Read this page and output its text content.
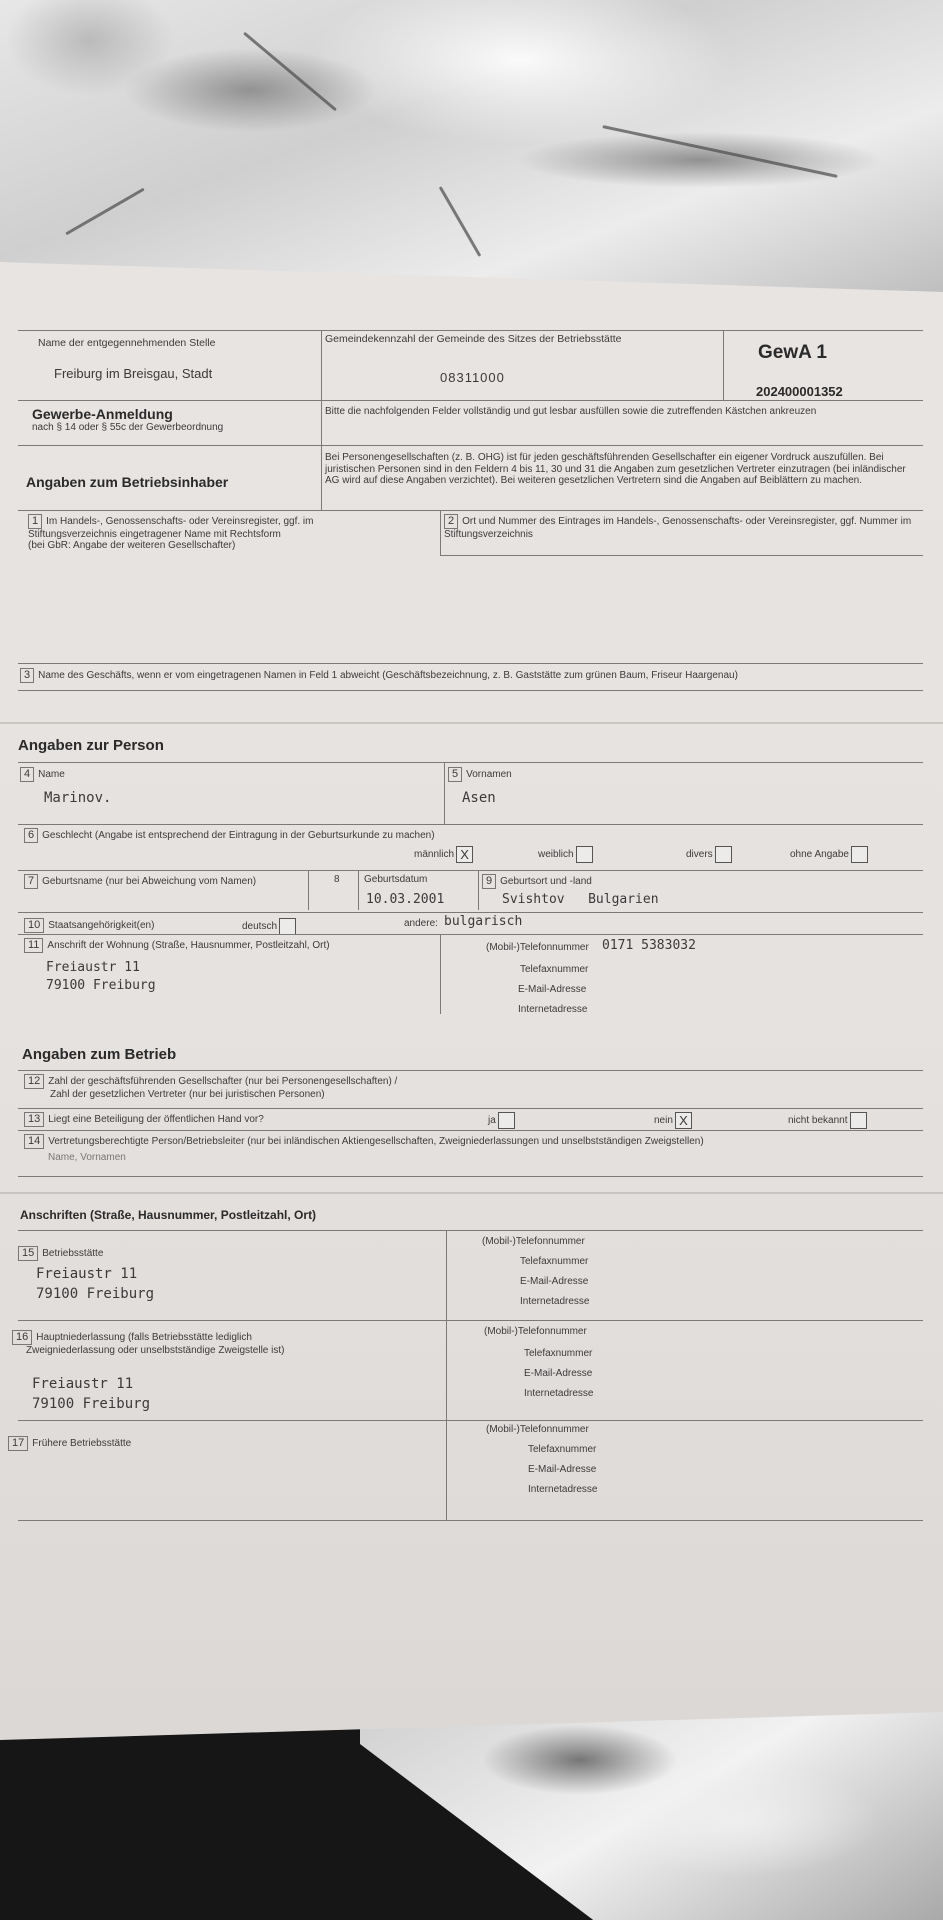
Name der entgegennehmenden Stelle
Freiburg im Breisgau, Stadt
Gemeindekennzahl der Gemeinde des Sitzes der Betriebsstätte
08311000
GewA 1
202400001352
Gewerbe-Anmeldung
nach § 14 oder § 55c der Gewerbeordnung
Bitte die nachfolgenden Felder vollständig und gut lesbar ausfüllen sowie die zutreffenden Kästchen ankreuzen
Angaben zum Betriebsinhaber
Bei Personengesellschaften (z. B. OHG) ist für jeden geschäftsführenden Gesellschafter ein eigener Vordruck auszufüllen. Bei juristischen Personen sind in den Feldern 4 bis 11, 30 und 31 die Angaben zum gesetzlichen Vertreter einzutragen (bei inländischer AG wird auf diese Angaben verzichtet). Bei weiteren gesetzlichen Vertretern sind die Angaben auf Beiblättern zu machen.
1 Im Handels-, Genossenschafts- oder Vereinsregister, ggf. im Stiftungsverzeichnis eingetragener Name mit Rechtsform
(bei GbR: Angabe der weiteren Gesellschafter)
2 Ort und Nummer des Eintrages im Handels-, Genossenschafts- oder Vereinsregister, ggf. Nummer im Stiftungsverzeichnis
3 Name des Geschäfts, wenn er vom eingetragenen Namen in Feld 1 abweicht (Geschäftsbezeichnung, z. B. Gaststätte zum grünen Baum, Friseur Haargenau)
Angaben zur Person
4 Name
Marinov.
5 Vornamen
Asen
6 Geschlecht (Angabe ist entsprechend der Eintragung in der Geburtsurkunde zu machen)
männlich X	weiblich	divers	ohne Angabe
7 Geburtsname (nur bei Abweichung vom Namen)	8 Geburtsdatum
10.03.2001
9 Geburtsort und -land
Svishtov   Bulgarien
10 Staatsangehörigkeit(en)	deutsch	andere: bulgarisch
11 Anschrift der Wohnung (Straße, Hausnummer, Postleitzahl, Ort)
Freiaustr 11
79100 Freiburg
(Mobil-)Telefonnummer 0171 5383032
Telefaxnummer
E-Mail-Adresse
Internetadresse
Angaben zum Betrieb
12 Zahl der geschäftsführenden Gesellschafter (nur bei Personengesellschaften) /
Zahl der gesetzlichen Vertreter (nur bei juristischen Personen)
13 Liegt eine Beteiligung der öffentlichen Hand vor?	ja	nein X	nicht bekannt
14 Vertretungsberechtigte Person/Betriebsleiter (nur bei inländischen Aktiengesellschaften, Zweigniederlassungen und unselbstständigen Zweigstellen)
Name, Vornamen
Anschriften (Straße, Hausnummer, Postleitzahl, Ort)
15 Betriebsstätte
Freiaustr 11
79100 Freiburg
(Mobil-)Telefonnummer
Telefaxnummer
E-Mail-Adresse
Internetadresse
16 Hauptniederlassung (falls Betriebsstätte lediglich
Zweigniederlassung oder unselbstständige Zweigstelle ist)
Freiaustr 11
79100 Freiburg
(Mobil-)Telefonnummer
Telefaxnummer
E-Mail-Adresse
Internetadresse
17 Frühere Betriebsstätte
(Mobil-)Telefonnummer
Telefaxnummer
E-Mail-Adresse
Internetadresse
